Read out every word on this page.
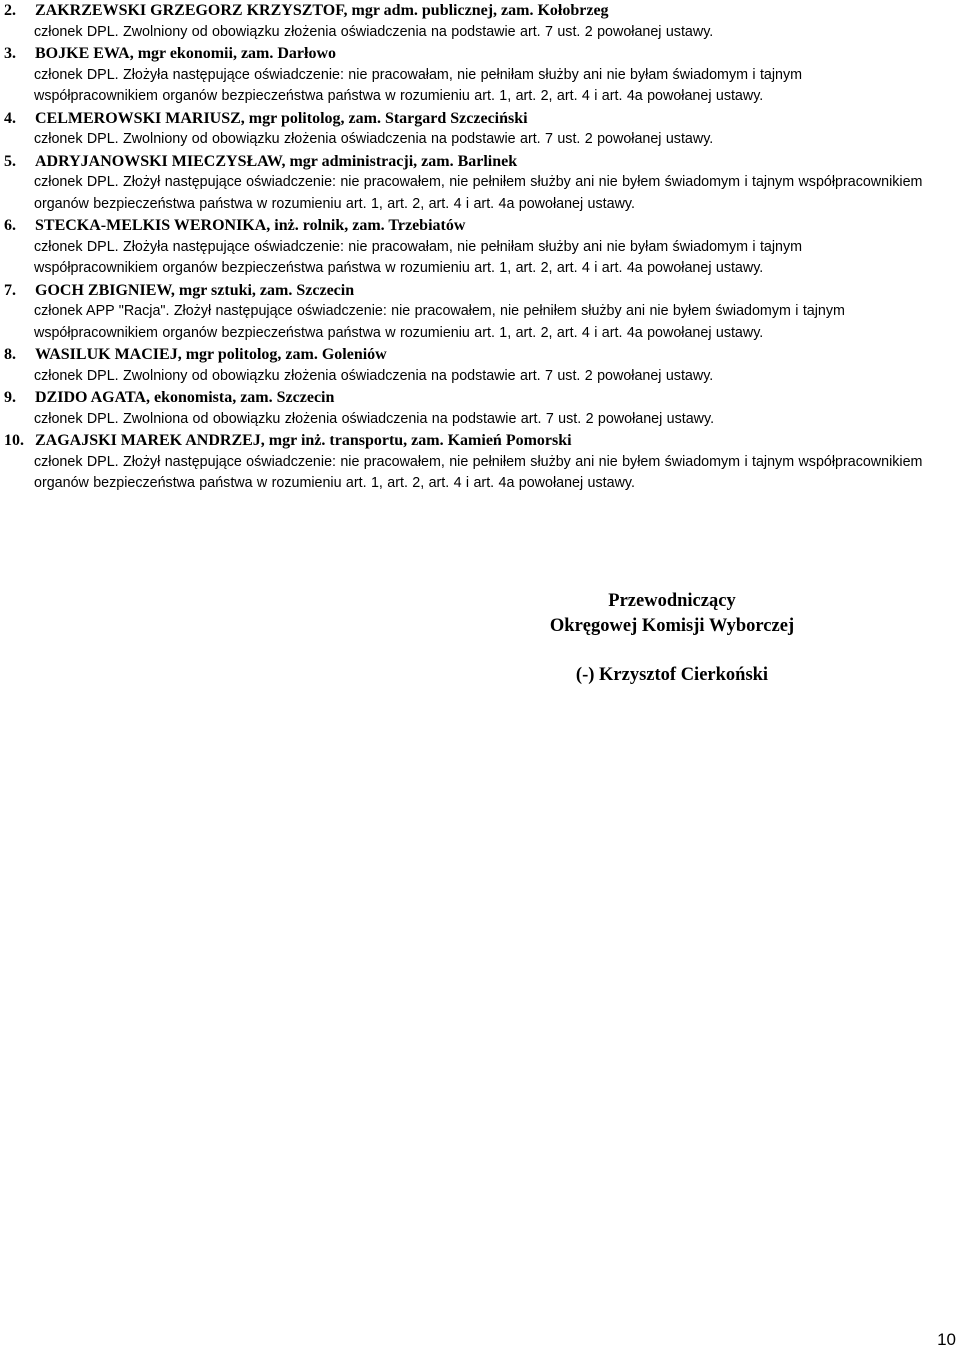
2. ZAKRZEWSKI GRZEGORZ KRZYSZTOF, mgr adm. publicznej, zam. Kołobrzeg
członek DPL. Zwolniony od obowiązku złożenia oświadczenia na podstawie art. 7 ust. 2 powołanej ustawy.
3. BOJKE EWA, mgr ekonomii, zam. Darłowo
członek DPL. Złożyła następujące oświadczenie: nie pracowałam, nie pełniłam służby ani nie byłam świadomym i tajnym współpracownikiem organów bezpieczeństwa państwa w rozumieniu art. 1, art. 2, art. 4 i art. 4a powołanej ustawy.
4. CELMEROWSKI MARIUSZ, mgr politolog, zam. Stargard Szczeciński
członek DPL. Zwolniony od obowiązku złożenia oświadczenia na podstawie art. 7 ust. 2 powołanej ustawy.
5. ADRYJANOWSKI MIECZYSŁAW, mgr administracji, zam. Barlinek
członek DPL. Złożył następujące oświadczenie: nie pracowałem, nie pełniłem służby ani nie byłem świadomym i tajnym współpracownikiem organów bezpieczeństwa państwa w rozumieniu art. 1, art. 2, art. 4 i art. 4a powołanej ustawy.
6. STECKA-MELKIS WERONIKA, inż. rolnik, zam. Trzebiatów
członek DPL. Złożyła następujące oświadczenie: nie pracowałam, nie pełniłam służby ani nie byłam świadomym i tajnym współpracownikiem organów bezpieczeństwa państwa w rozumieniu art. 1, art. 2, art. 4 i art. 4a powołanej ustawy.
7. GOCH ZBIGNIEW, mgr sztuki, zam. Szczecin
członek APP "Racja". Złożył następujące oświadczenie: nie pracowałem, nie pełniłem służby ani nie byłem świadomym i tajnym współpracownikiem organów bezpieczeństwa państwa w rozumieniu art. 1, art. 2, art. 4 i art. 4a powołanej ustawy.
8. WASILUK MACIEJ, mgr politolog, zam. Goleniów
członek DPL. Zwolniony od obowiązku złożenia oświadczenia na podstawie art. 7 ust. 2 powołanej ustawy.
9. DZIDO AGATA, ekonomista, zam. Szczecin
członek DPL. Zwolniona od obowiązku złożenia oświadczenia na podstawie art. 7 ust. 2 powołanej ustawy.
10. ZAGAJSKI MAREK ANDRZEJ, mgr inż. transportu, zam. Kamień Pomorski
członek DPL. Złożył następujące oświadczenie: nie pracowałem, nie pełniłem służby ani nie byłem świadomym i tajnym współpracownikiem organów bezpieczeństwa państwa w rozumieniu art. 1, art. 2, art. 4 i art. 4a powołanej ustawy.
Przewodniczący
Okręgowej Komisji Wyborczej
(-) Krzysztof Cierkoński
10
